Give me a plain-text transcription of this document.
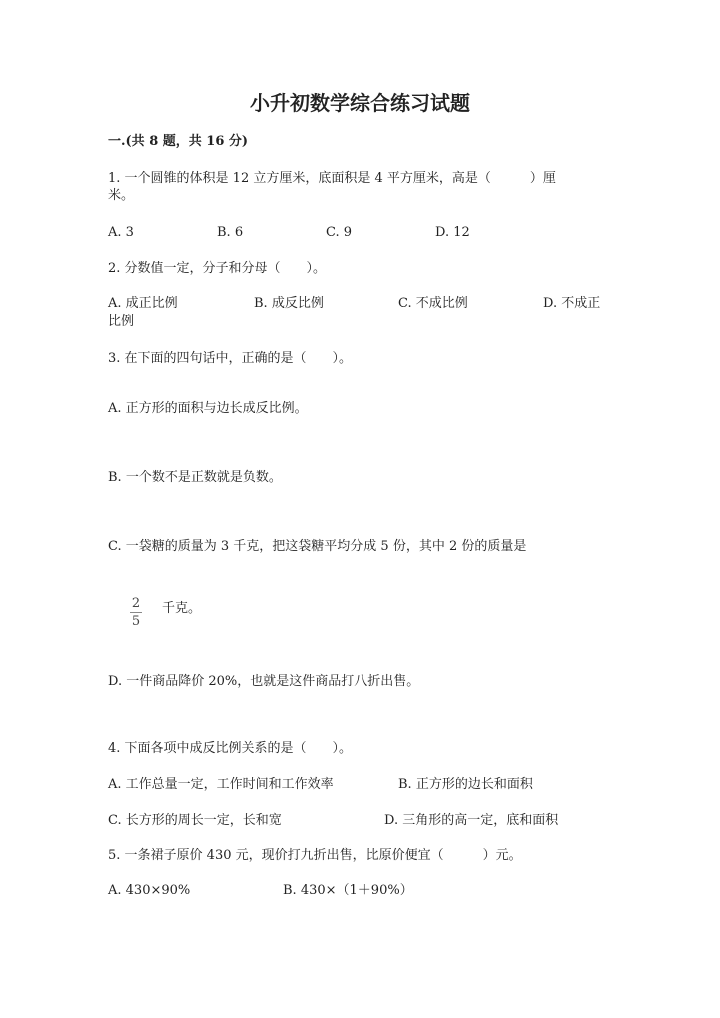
小升初数学综合练习试题
一.(共 8 题，共 16 分)
1. 一个圆锥的体积是 12 立方厘米，底面积是 4 平方厘米，高是（　　　）厘
米。
A. 3	B. 6	C. 9	D. 12
2. 分数值一定，分子和分母（　　）。
A. 成正比例	B. 成反比例	C. 不成比例	D. 不成正
比例
3. 在下面的四句话中，正确的是（　　）。
A. 正方形的面积与边长成反比例。
B. 一个数不是正数就是负数。
C. 一袋糖的质量为 3 千克，把这袋糖平均分成 5 份，其中 2 份的质量是
2
5
千克。
D. 一件商品降价 20%，也就是这件商品打八折出售。
4. 下面各项中成反比例关系的是（　　）。
A. 工作总量一定，工作时间和工作效率	B. 正方形的边长和面积
C. 长方形的周长一定，长和宽	D. 三角形的高一定，底和面积
5. 一条裙子原价 430 元，现价打九折出售，比原价便宜（　　　）元。
A. 430×90%	B. 430×（1＋90%）
